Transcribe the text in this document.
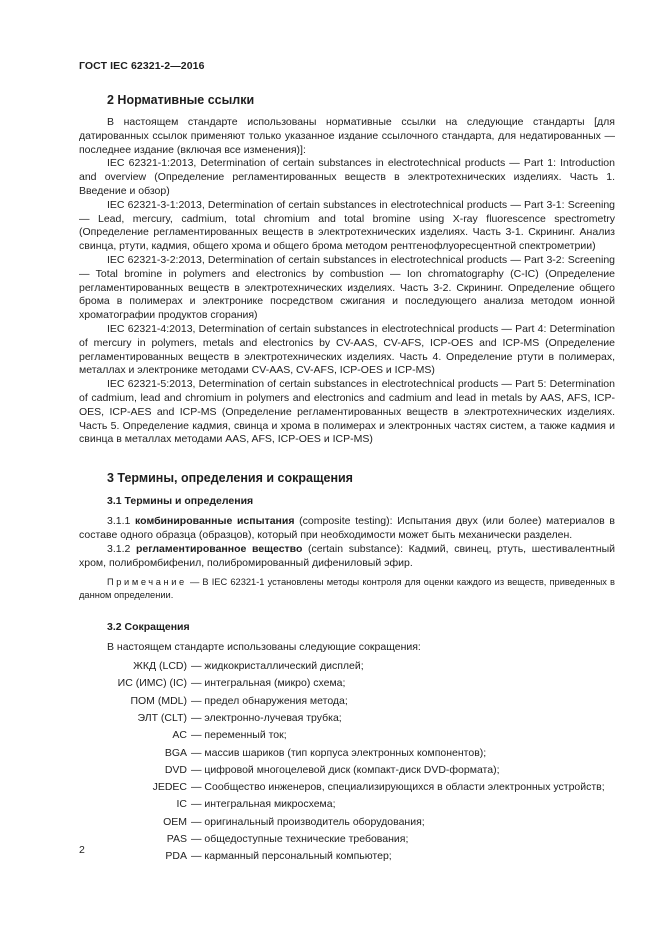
ГОСТ IEC 62321-2—2016
2 Нормативные ссылки

В настоящем стандарте использованы нормативные ссылки на следующие стандарты [для датированных ссылок применяют только указанное издание ссылочного стандарта, для недатированных — последнее издание (включая все изменения)]:

IEC 62321-1:2013, Determination of certain substances in electrotechnical products — Part 1: Introduction and overview (Определение регламентированных веществ в электротехнических изделиях. Часть 1. Введение и обзор)

IEC 62321-3-1:2013, Determination of certain substances in electrotechnical products — Part 3-1: Screening — Lead, mercury, cadmium, total chromium and total bromine using X-ray fluorescence spectrometry (Определение регламентированных веществ в электротехнических изделиях. Часть 3-1. Скрининг. Анализ свинца, ртути, кадмия, общего хрома и общего брома методом рентгенофлуоресцентной спектрометрии)

IEC 62321-3-2:2013, Determination of certain substances in electrotechnical products — Part 3-2: Screening — Total bromine in polymers and electronics by combustion — Ion chromatography (C-IC) (Определение регламентированных веществ в электротехнических изделиях. Часть 3-2. Скрининг. Определение общего брома в полимерах и электронике посредством сжигания и последующего анализа методом ионной хроматографии продуктов сгорания)

IEC 62321-4:2013, Determination of certain substances in electrotechnical products — Part 4: Determination of mercury in polymers, metals and electronics by CV-AAS, CV-AFS, ICP-OES and ICP-MS (Определение регламентированных веществ в электротехнических изделиях. Часть 4. Определение ртути в полимерах, металлах и электронике методами CV-AAS, CV-AFS, ICP-OES и ICP-MS)

IEC 62321-5:2013, Determination of certain substances in electrotechnical products — Part 5: Determination of cadmium, lead and chromium in polymers and electronics and cadmium and lead in metals by AAS, AFS, ICP-OES, ICP-AES and ICP-MS (Определение регламентированных веществ в электротехнических изделиях. Часть 5. Определение кадмия, свинца и хрома в полимерах и электронных частях систем, а также кадмия и свинца в металлах методами AAS, AFS, ICP-OES и ICP-MS)

3 Термины, определения и сокращения
3.1 Термины и определения

3.1.1 комбинированные испытания (composite testing): Испытания двух (или более) материалов в составе одного образца (образцов), который при необходимости может быть механически разделен.

3.1.2 регламентированное вещество (certain substance): Кадмий, свинец, ртуть, шестивалентный хром, полибромбифенил, полибромированный дифениловый эфир.

Примечание — В IEC 62321-1 установлены методы контроля для оценки каждого из веществ, приведенных в данном определении.
3.2 Сокращения

В настоящем стандарте использованы следующие сокращения:

ЖКД (LCD) — жидкокристаллический дисплей;
ИС (ИМС) (IC) — интегральная (микро) схема;
ПОМ (MDL) — предел обнаружения метода;
ЭЛТ (CLT) — электронно-лучевая трубка;
AC — переменный ток;
BGA — массив шариков (тип корпуса электронных компонентов);
DVD — цифровой многоцелевой диск (компакт-диск DVD-формата);
JEDEC — Сообщество инженеров, специализирующихся в области электронных устройств;
IC — интегральная микросхема;
OEM — оригинальный производитель оборудования;
PAS — общедоступные технические требования;
PDA — карманный персональный компьютер;
2
